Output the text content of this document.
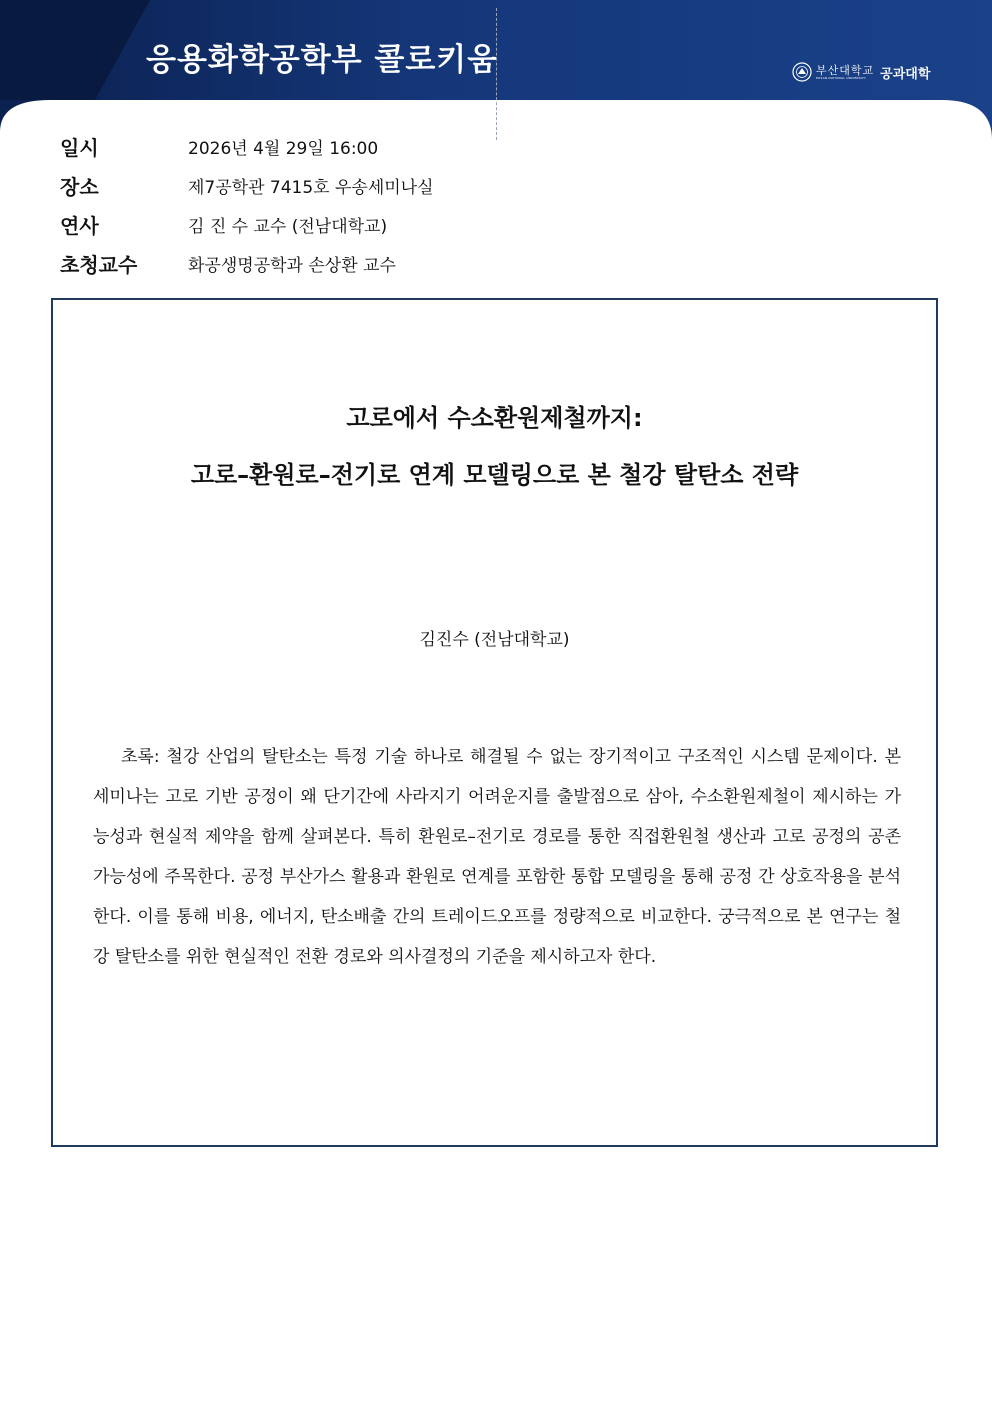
응용화학공학부 콜로키움	부산대학교
PUSAN NATIONAL UNIVERSITY	공과대학
일시	2026년 4월 29일 16:00
장소	제7공학관 7415호 우송세미나실
연사	김 진 수 교수 (전남대학교)
초청교수	화공생명공학과 손상환 교수
고로에서 수소환원제철까지:
고로–환원로–전기로 연계 모델링으로 본 철강 탈탄소 전략
김진수 (전남대학교)
초록: 철강 산업의 탈탄소는 특정 기술 하나로 해결될 수 없는 장기적이고 구조적인 시스템 문제이다. 본 세미나는 고로 기반 공정이 왜 단기간에 사라지기 어려운지를 출발점으로 삼아, 수소환원제철이 제시하는 가능성과 현실적 제약을 함께 살펴본다. 특히 환원로–전기로 경로를 통한 직접환원철 생산과 고로 공정의 공존 가능성에 주목한다. 공정 부산가스 활용과 환원로 연계를 포함한 통합 모델링을 통해 공정 간 상호작용을 분석한다. 이를 통해 비용, 에너지, 탄소배출 간의 트레이드오프를 정량적으로 비교한다. 궁극적으로 본 연구는 철강 탈탄소를 위한 현실적인 전환 경로와 의사결정의 기준을 제시하고자 한다.
